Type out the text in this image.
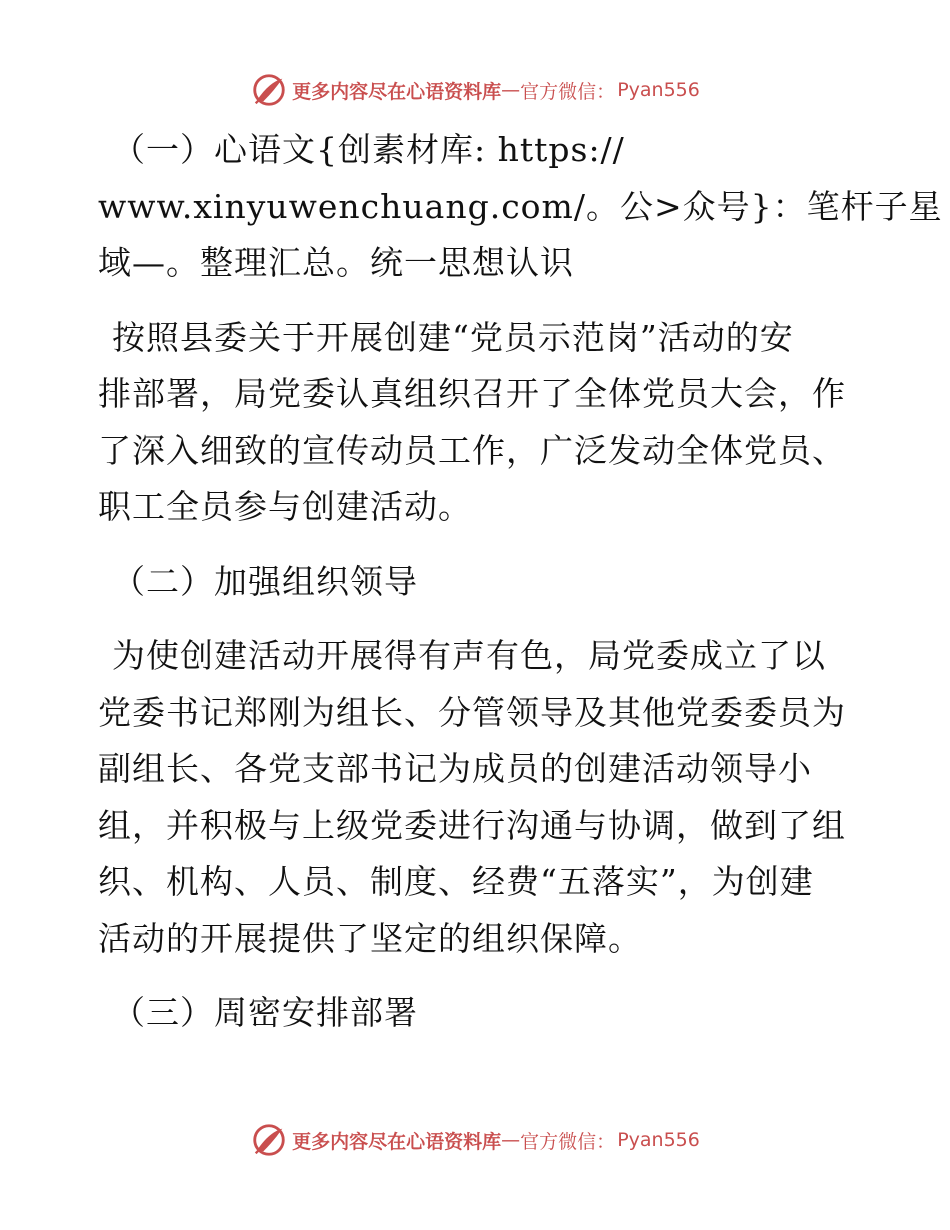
更多内容尽在心语资料库 — 官方微信： Pyan556
（一）心语文{创素材库: https://
www.xinyuwenchuang.com/。公>众号}：笔杆子星
域—。整理汇总。统一思想认识
按照县委关于开展创建“党员示范岗”活动的安
排部署，局党委认真组织召开了全体党员大会，作
了深入细致的宣传动员工作，广泛发动全体党员、
职工全员参与创建活动。
（二）加强组织领导
为使创建活动开展得有声有色，局党委成立了以
党委书记郑刚为组长、分管领导及其他党委委员为
副组长、各党支部书记为成员的创建活动领导小
组，并积极与上级党委进行沟通与协调，做到了组
织、机构、人员、制度、经费“五落实”，为创建
活动的开展提供了坚定的组织保障。
（三）周密安排部署
更多内容尽在心语资料库 — 官方微信： Pyan556
